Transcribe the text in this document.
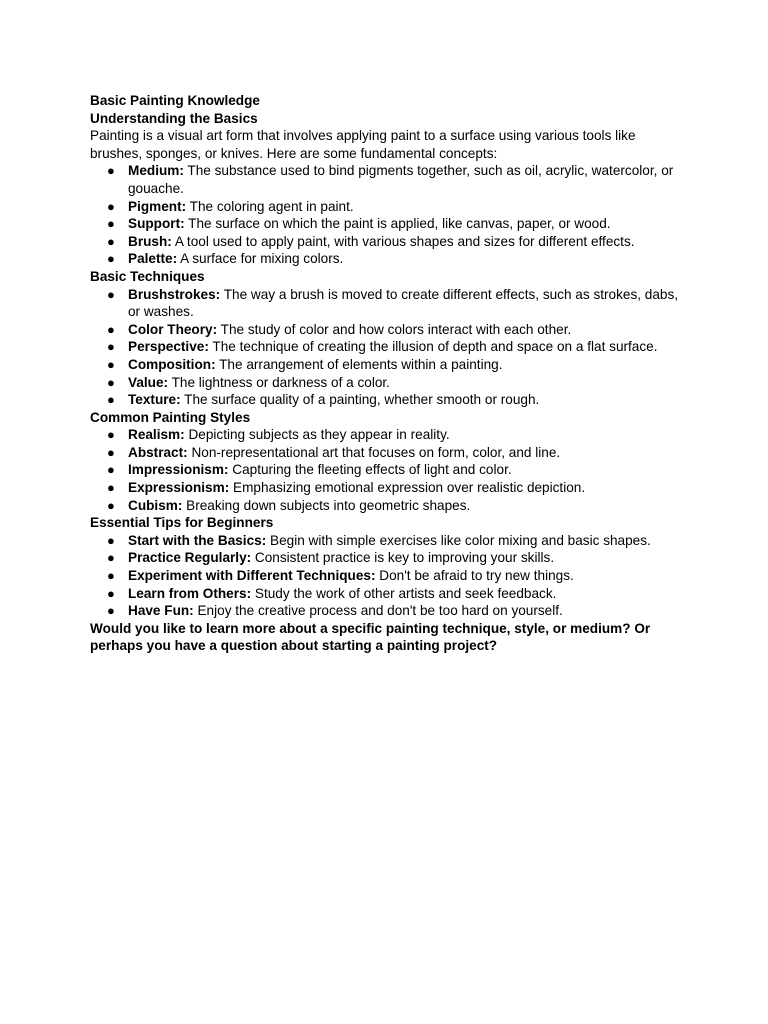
Basic Painting Knowledge
Understanding the Basics

Painting is a visual art form that involves applying paint to a surface using various tools like brushes, sponges, or knives. Here are some fundamental concepts:

● Medium: The substance used to bind pigments together, such as oil, acrylic, watercolor, or gouache.
● Pigment: The coloring agent in paint.
● Support: The surface on which the paint is applied, like canvas, paper, or wood.
● Brush: A tool used to apply paint, with various shapes and sizes for different effects.
● Palette: A surface for mixing colors.
Basic Techniques
● Brushstrokes: The way a brush is moved to create different effects, such as strokes, dabs, or washes.
● Color Theory: The study of color and how colors interact with each other.
● Perspective: The technique of creating the illusion of depth and space on a flat surface.
● Composition: The arrangement of elements within a painting.
● Value: The lightness or darkness of a color.
● Texture: The surface quality of a painting, whether smooth or rough.
Common Painting Styles
● Realism: Depicting subjects as they appear in reality.
● Abstract: Non-representational art that focuses on form, color, and line.
● Impressionism: Capturing the fleeting effects of light and color.
● Expressionism: Emphasizing emotional expression over realistic depiction.
● Cubism: Breaking down subjects into geometric shapes.
Essential Tips for Beginners
● Start with the Basics: Begin with simple exercises like color mixing and basic shapes.
● Practice Regularly: Consistent practice is key to improving your skills.
● Experiment with Different Techniques: Don't be afraid to try new things.
● Learn from Others: Study the work of other artists and seek feedback.
● Have Fun: Enjoy the creative process and don't be too hard on yourself.
Would you like to learn more about a specific painting technique, style, or medium? Or perhaps you have a question about starting a painting project?
